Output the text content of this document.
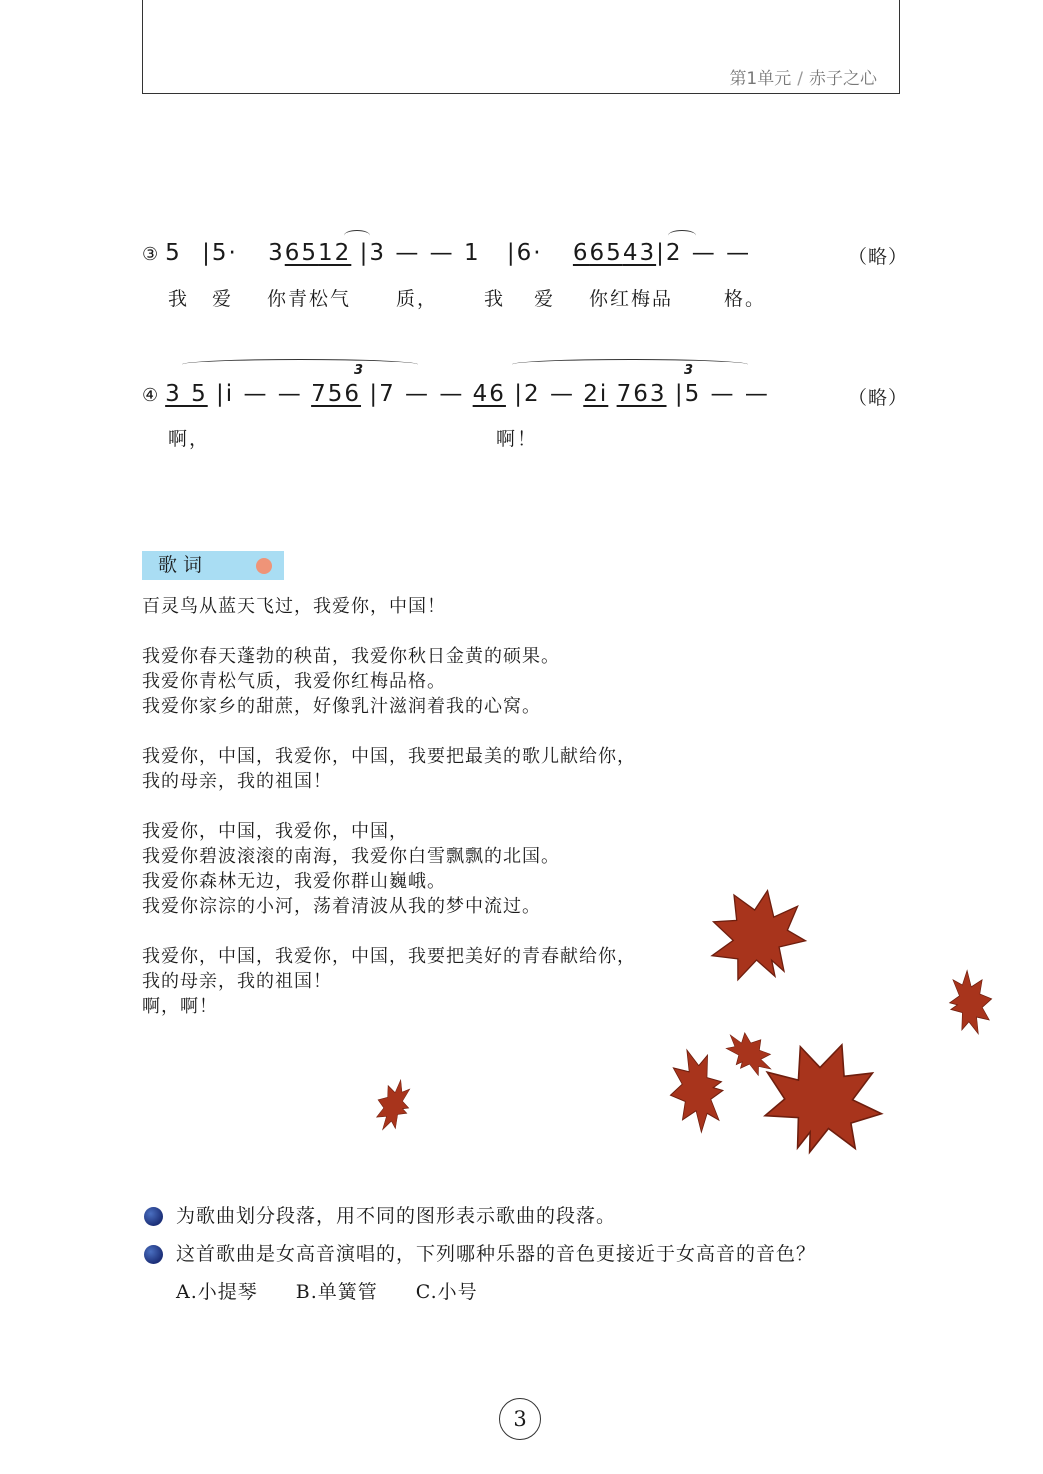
第1单元 / 赤子之心
③ 5 |5· 36512 |3 — — 1 |6· 66543|2 — —	（略）
我 爱 你青松气 质， 我 爱 你红梅品	格。
④ 3 5 |i — — 756 |7 — — 46 |2 — 2i 763 |5 — —	（略）
3	3
啊，	啊！
歌词
百灵鸟从蓝天飞过，我爱你，中国！
我爱你春天蓬勃的秧苗，我爱你秋日金黄的硕果。
我爱你青松气质，我爱你红梅品格。
我爱你家乡的甜蔗，好像乳汁滋润着我的心窝。
我爱你，中国，我爱你，中国，我要把最美的歌儿献给你，
我的母亲，我的祖国！
我爱你，中国，我爱你，中国，
我爱你碧波滚滚的南海，我爱你白雪飘飘的北国。
我爱你森林无边，我爱你群山巍峨。
我爱你淙淙的小河，荡着清波从我的梦中流过。
我爱你，中国，我爱你，中国，我要把美好的青春献给你，
我的母亲，我的祖国！
啊，啊！
为歌曲划分段落，用不同的图形表示歌曲的段落。
这首歌曲是女高音演唱的，下列哪种乐器的音色更接近于女高音的音色？
A.小提琴 B.单簧管 C.小号
3
